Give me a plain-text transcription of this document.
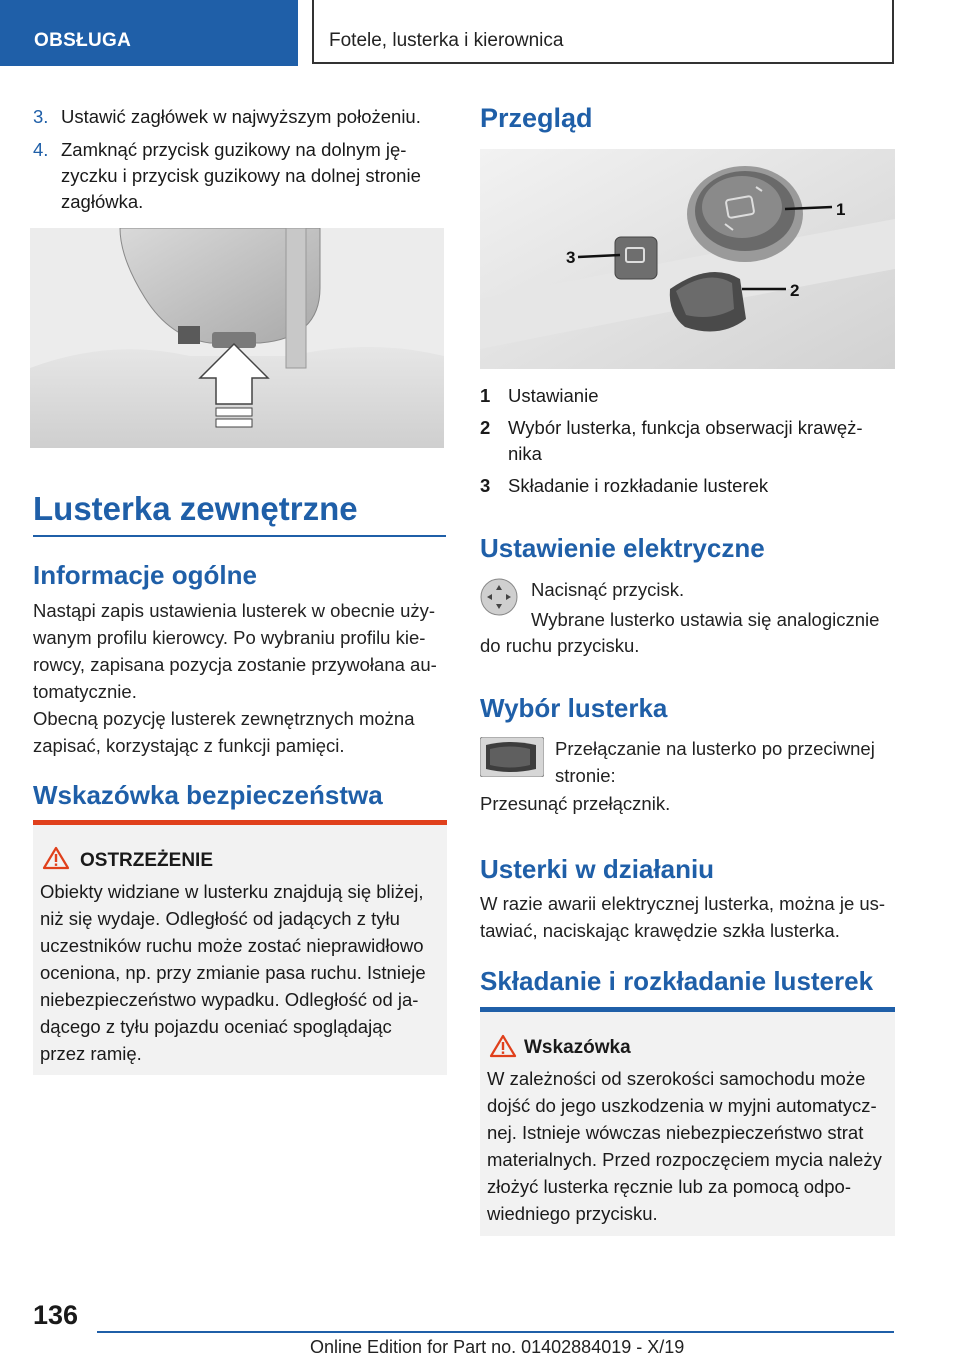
OBSŁUGA	Fotele, lusterka i kierownica
3. Ustawić zagłówek w najwyższym położeniu.
4. Zamknąć przycisk guzikowy na dolnym ję-
zyczku i przycisk guzikowy na dolnej stronie
zagłówka.
Lusterka zewnętrzne
Informacje ogólne
Nastąpi zapis ustawienia lusterek w obecnie uży-
wanym profilu kierowcy. Po wybraniu profilu kie-
rowcy, zapisana pozycja zostanie przywołana au-
tomatycznie.
Obecną pozycję lusterek zewnętrznych można
zapisać, korzystając z funkcji pamięci.
Wskazówka bezpieczeństwa
OSTRZEŻENIE
Obiekty widziane w lusterku znajdują się bliżej,
niż się wydaje. Odległość od jadących z tyłu
uczestników ruchu może zostać nieprawidłowo
oceniona, np. przy zmianie pasa ruchu. Istnieje
niebezpieczeństwo wypadku. Odległość od ja-
dącego z tyłu pojazdu oceniać spoglądając
przez ramię.
Przegląd
1
2
3
1 Ustawianie
2 Wybór lusterka, funkcja obserwacji krawęż-
nika
3 Składanie i rozkładanie lusterek
Ustawienie elektryczne
Nacisnąć przycisk.
Wybrane lusterko ustawia się analogicznie
do ruchu przycisku.
Wybór lusterka
Przełączanie na lusterko po przeciwnej
stronie:
Przesunąć przełącznik.
Usterki w działaniu
W razie awarii elektrycznej lusterka, można je us-
tawiać, naciskając krawędzie szkła lusterka.
Składanie i rozkładanie lusterek
Wskazówka
W zależności od szerokości samochodu może
dojść do jego uszkodzenia w myjni automatycz-
nej. Istnieje wówczas niebezpieczeństwo strat
materialnych. Przed rozpoczęciem mycia należy
złożyć lusterka ręcznie lub za pomocą odpo-
wiedniego przycisku.
136
Online Edition for Part no. 01402884019 - X/19
